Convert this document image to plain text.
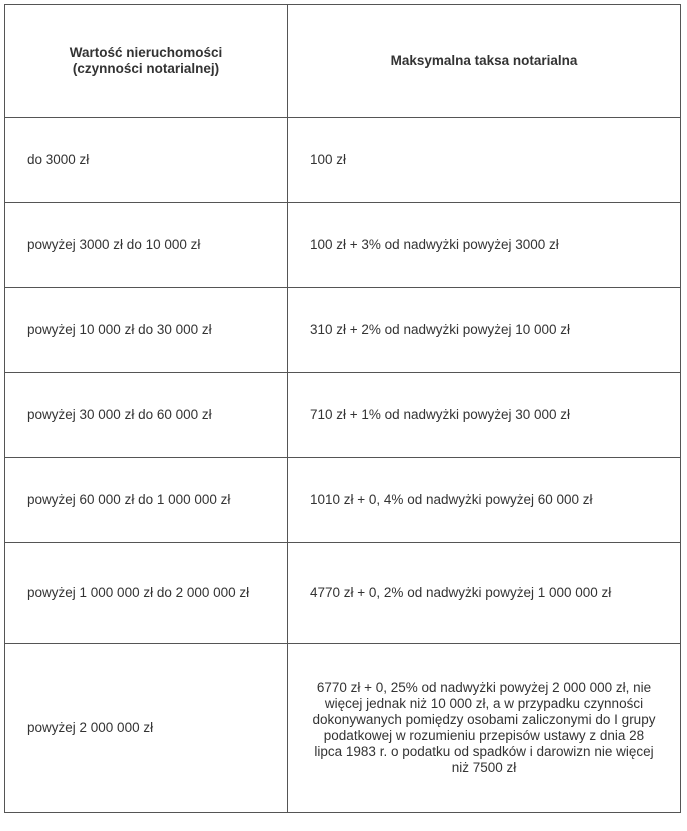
Wartość nieruchomości
(czynności notarialnej)	Maksymalna taksa notarialna
do 3000 zł	100 zł
powyżej 3000 zł do 10 000 zł	100 zł + 3% od nadwyżki powyżej 3000 zł
powyżej 10 000 zł do 30 000 zł	310 zł + 2% od nadwyżki powyżej 10 000 zł
powyżej 30 000 zł do 60 000 zł	710 zł + 1% od nadwyżki powyżej 30 000 zł
powyżej 60 000 zł do 1 000 000 zł	1010 zł + 0, 4% od nadwyżki powyżej 60 000 zł
powyżej 1 000 000 zł do 2 000 000 zł	4770 zł + 0, 2% od nadwyżki powyżej 1 000 000 zł
powyżej 2 000 000 zł	6770 zł + 0, 25% od nadwyżki powyżej 2 000 000 zł, nie więcej jednak niż 10 000 zł, a w przypadku czynności dokonywanych pomiędzy osobami zaliczonymi do I grupy podatkowej w rozumieniu przepisów ustawy z dnia 28 lipca 1983 r. o podatku od spadków i darowizn nie więcej niż 7500 zł
